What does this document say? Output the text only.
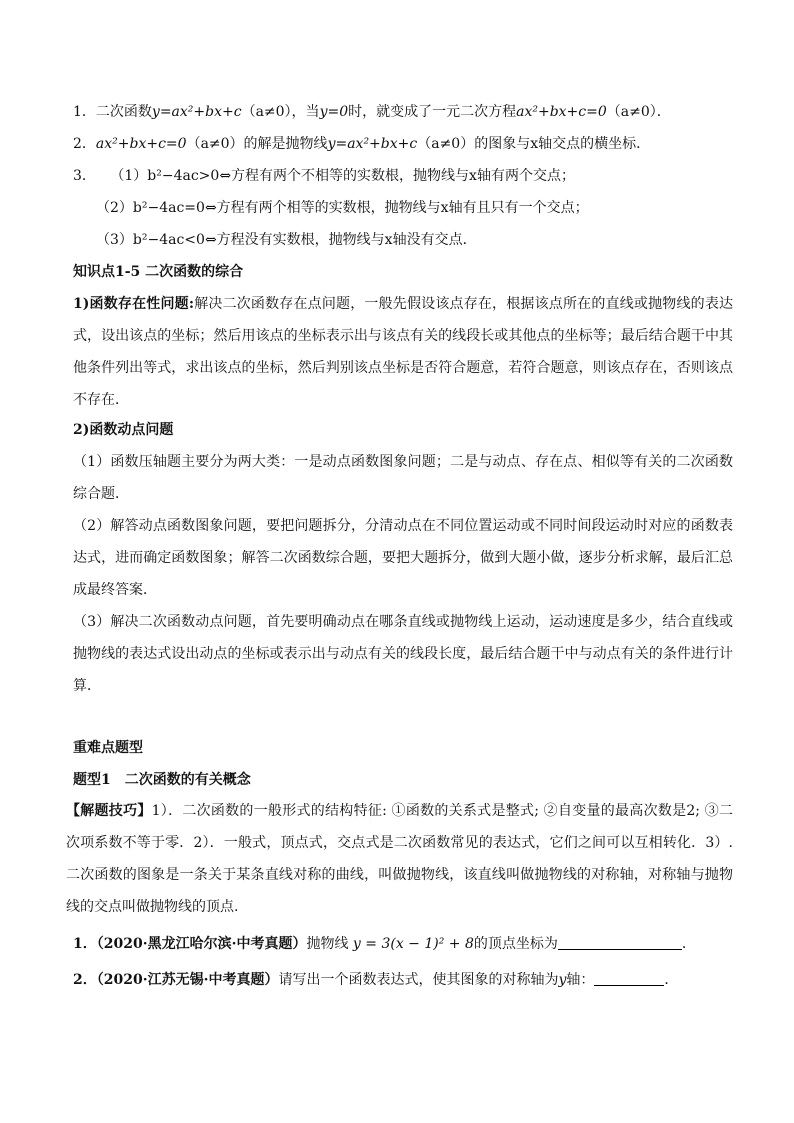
1．二次函数y=ax²+bx+c（a≠0），当y=0时，就变成了一元二次方程ax²+bx+c=0（a≠0）．
2．ax²+bx+c=0（a≠0）的解是抛物线y=ax²+bx+c（a≠0）的图象与x轴交点的横坐标．
3． （1）b²−4ac>0⇔方程有两个不相等的实数根，抛物线与x轴有两个交点；
（2）b²−4ac=0⇔方程有两个相等的实数根，抛物线与x轴有且只有一个交点；
（3）b²−4ac<0⇔方程没有实数根，抛物线与x轴没有交点．
知识点1-5 二次函数的综合
1)函数存在性问题:解决二次函数存在点问题，一般先假设该点存在，根据该点所在的直线或抛物线的表达式，设出该点的坐标；然后用该点的坐标表示出与该点有关的线段长或其他点的坐标等；最后结合题干中其他条件列出等式，求出该点的坐标，然后判别该点坐标是否符合题意，若符合题意，则该点存在，否则该点不存在．
2)函数动点问题
（1）函数压轴题主要分为两大类：一是动点函数图象问题；二是与动点、存在点、相似等有关的二次函数综合题．
（2）解答动点函数图象问题，要把问题拆分，分清动点在不同位置运动或不同时间段运动时对应的函数表达式，进而确定函数图象；解答二次函数综合题，要把大题拆分，做到大题小做，逐步分析求解，最后汇总成最终答案．
（3）解决二次函数动点问题，首先要明确动点在哪条直线或抛物线上运动，运动速度是多少，结合直线或抛物线的表达式设出动点的坐标或表示出与动点有关的线段长度，最后结合题干中与动点有关的条件进行计算．
重难点题型
题型1　二次函数的有关概念
【解题技巧】1）．二次函数的一般形式的结构特征: ①函数的关系式是整式; ②自变量的最高次数是2; ③二次项系数不等于零．2）．一般式，顶点式，交点式是二次函数常见的表达式，它们之间可以互相转化．3）.二次函数的图象是一条关于某条直线对称的曲线，叫做抛物线，该直线叫做抛物线的对称轴，对称轴与抛物线的交点叫做抛物线的顶点.
1．（2020·黑龙江哈尔滨·中考真题）抛物线 y = 3(x − 1)² + 8的顶点坐标为	．
2．（2020·江苏无锡·中考真题）请写出一个函数表达式，使其图象的对称轴为y轴：	．
